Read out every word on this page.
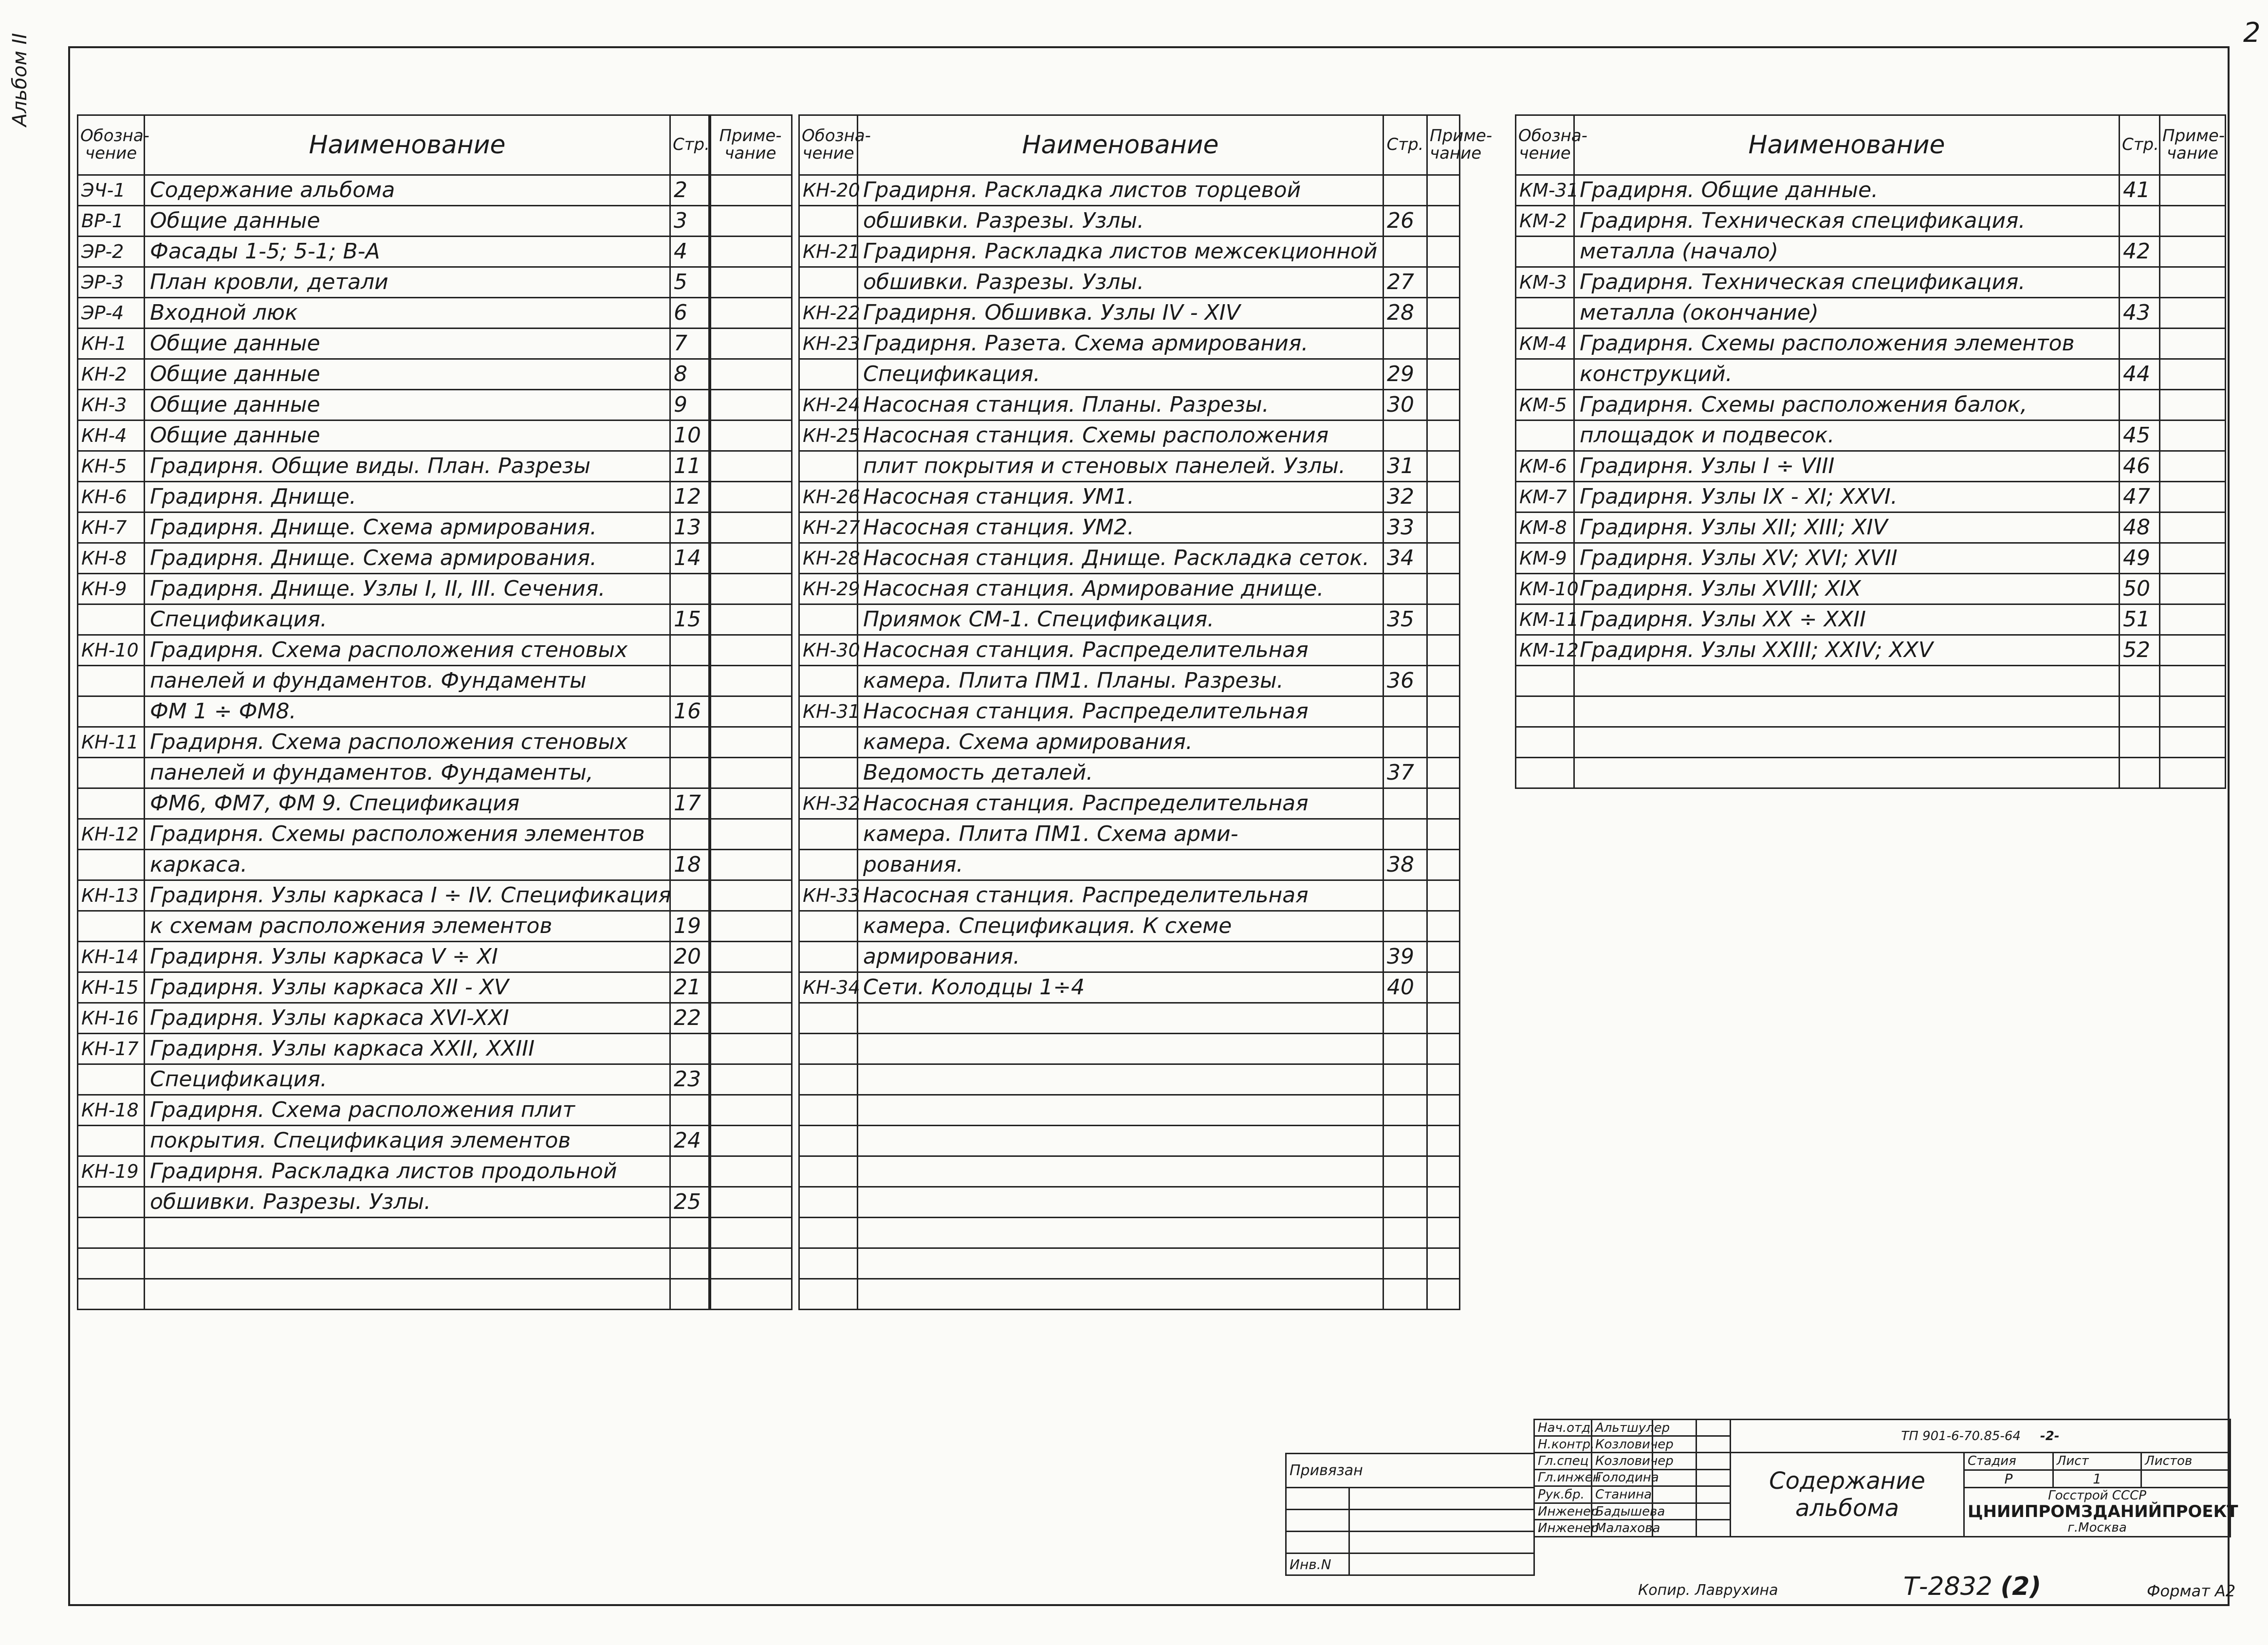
Альбом II
2
Обозна-чение	Наименование	Стр.
ЭЧ-1	Содержание альбома	2
ВР-1	Общие данные	3
ЭР-2	Фасады 1-5; 5-1; В-А	4
ЭР-3	План кровли, детали	5
ЭР-4	Входной люк	6
КН-1	Общие данные	7
КН-2	Общие данные	8
КН-3	Общие данные	9
КН-4	Общие данные	10
КН-5	Градирня. Общие виды. План. Разрезы	11
КН-6	Градирня. Днище.	12
КН-7	Градирня. Днище. Схема армирования.	13
КН-8	Градирня. Днище. Схема армирования.	14
КН-9	Градирня. Днище. Узлы I, II, III. Сечения.	
	Спецификация.	15
КН-10	Градирня. Схема расположения стеновых	
	панелей и фундаментов. Фундаменты	
	ФМ 1 ÷ ФМ8.	16
КН-11	Градирня. Схема расположения стеновых	
	панелей и фундаментов. Фундаменты,	
	ФМ6, ФМ7, ФМ 9. Спецификация	17
КН-12	Градирня. Схемы расположения элементов	
	каркаса.	18
КН-13	Градирня. Узлы каркаса I ÷ IV. Спецификация	
	к схемам расположения элементов	19
КН-14	Градирня. Узлы каркаса V ÷ XI	20
КН-15	Градирня. Узлы каркаса XII - XV	21
КН-16	Градирня. Узлы каркаса XVI-XXI	22
КН-17	Градирня. Узлы каркаса XXII, XXIII	
	Спецификация.	23
КН-18	Градирня. Схема расположения плит	
	покрытия. Спецификация элементов	24
КН-19	Градирня. Раскладка листов продольной	
	обшивки. Разрезы. Узлы.	25

Приме-чание

Обозна-чение	Наименование	Стр.	Приме-чание
КН-20	Градирня. Раскладка листов торцевой		
	обшивки. Разрезы. Узлы.	26	
КН-21	Градирня. Раскладка листов межсекционной		
	обшивки. Разрезы. Узлы.	27	
КН-22	Градирня. Обшивка. Узлы IV - XIV	28	
КН-23	Градирня. Разета. Схема армирования.		
	Спецификация.	29	
КН-24	Насосная станция. Планы. Разрезы.	30	
КН-25	Насосная станция. Схемы расположения		
	плит покрытия и стеновых панелей. Узлы.	31	
КН-26	Насосная станция. УМ1.	32	
КН-27	Насосная станция. УМ2.	33	
КН-28	Насосная станция. Днище. Раскладка сеток.	34	
КН-29	Насосная станция. Армирование днище.		
	Приямок СМ-1. Спецификация.	35	
КН-30	Насосная станция. Распределительная		
	камера. Плита ПМ1. Планы. Разрезы.	36	
КН-31	Насосная станция. Распределительная		
	камера. Схема армирования.		
	Ведомость деталей.	37	
КН-32	Насосная станция. Распределительная		
	камера. Плита ПМ1. Схема арми-		
	рования.	38	
КН-33	Насосная станция. Распределительная		
	камера. Спецификация. К схеме		
	армирования.	39	
КН-34	Сети. Колодцы 1÷4	40	

Обозна-чение	Наименование	Стр.	Приме-чание
КМ-31	Градирня. Общие данные.	41	
КМ-2	Градирня. Техническая спецификация.		
	металла (начало)	42	
КМ-3	Градирня. Техническая спецификация.		
	металла (окончание)	43	
КМ-4	Градирня. Схемы расположения элементов		
	конструкций.	44	
КМ-5	Градирня. Схемы расположения балок,		
	площадок и подвесок.	45	
КМ-6	Градирня. Узлы I ÷ VIII	46	
КМ-7	Градирня. Узлы IX - XI; XXVI.	47	
КМ-8	Градирня. Узлы XII; XIII; XIV	48	
КМ-9	Градирня. Узлы XV; XVI; XVII	49	
КМ-10	Градирня. Узлы XVIII; XIX	50	
КМ-11	Градирня. Узлы XX ÷ XXII	51	
КМ-12	Градирня. Узлы XXIII; XXIV; XXV	52	

Привязан	

Инв.N	
Нач.отд.	Альтшулер			ТП 901-6-70.85-64 -2-
Н.контр.	Козловичер		
Гл.спец	Козловичер			Содержание альбома	
Стадия	Лист	Листов
Р	1	

Госстрой СССР
ЦНИИПРОМЗДАНИЙПРОЕКТ
г.Москва

Гл.инжен	Голодина		
Рук.бр.	Станина		
Инженер	Бадышева		
Инженер	Малахова		
Копир. Лаврухина	Т-2832 (2)	Формат А2
